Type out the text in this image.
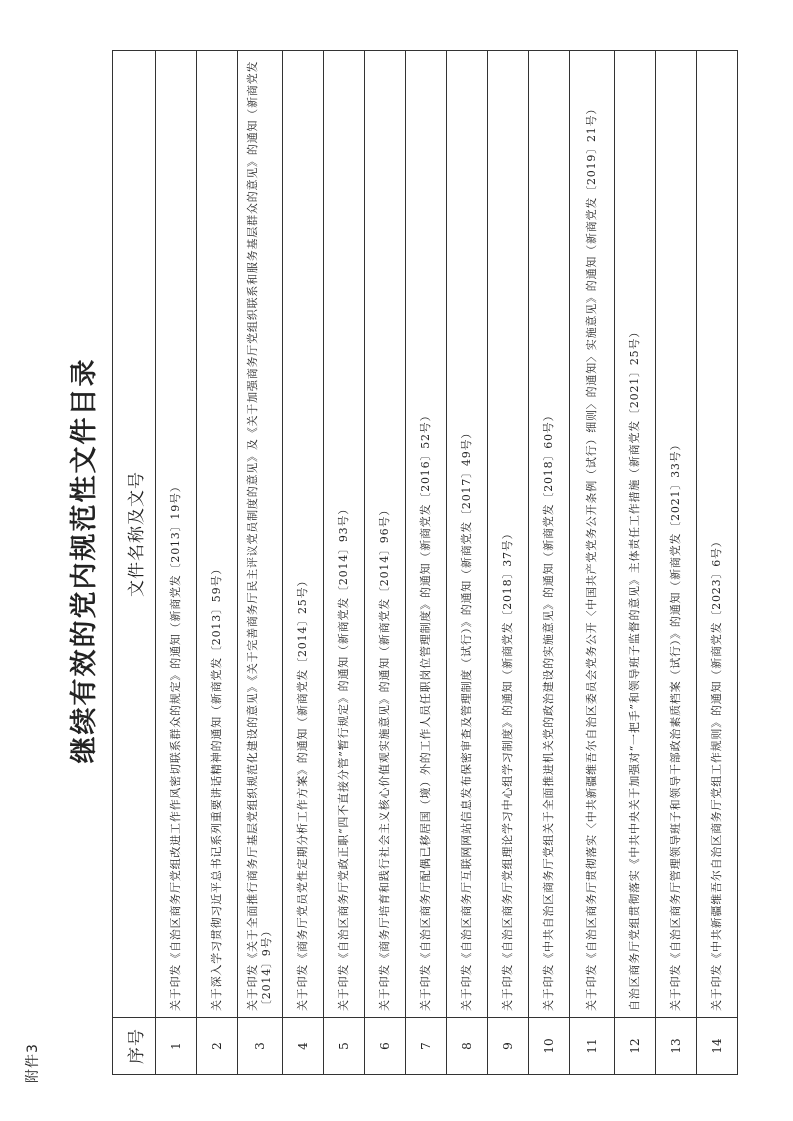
附件3
继续有效的党内规范性文件目录
序号	文件名称及文号
1	关于印发《自治区商务厅党组改进工作作风密切联系群众的规定》的通知（新商党发〔2013〕19号）
2	关于深入学习贯彻习近平总书记系列重要讲话精神的通知（新商党发〔2013〕59号）
3	关于印发《关于全面推行商务厅基层党组织规范化建设的意见》《关于完善商务厅民主评议党员制度的意见》及《关于加强商务厅党组织联系和服务基层群众的意见》的通知（新商党发〔2014〕9号）
4	关于印发《商务厅党员党性定期分析工作方案》的通知（新商党发〔2014〕25号）
5	关于印发《自治区商务厅党政正职“四不直接分管”暂行规定》的通知（新商党发〔2014〕93号）
6	关于印发《商务厅培育和践行社会主义核心价值观实施意见》的通知（新商党发〔2014〕96号）
7	关于印发《自治区商务厅配偶已移居国（境）外的工作人员任职岗位管理制度》的通知（新商党发〔2016〕52号）
8	关于印发《自治区商务厅互联网网站信息发布保密审查及管理制度（试行）》的通知（新商党发〔2017〕49号）
9	关于印发《自治区商务厅党组理论学习中心组学习制度》的通知（新商党发〔2018〕37号）
10	关于印发《中共自治区商务厅党组关于全面推进机关党的政治建设的实施意见》的通知（新商党发〔2018〕60号）
11	关于印发《自治区商务厅贯彻落实〈中共新疆维吾尔自治区委员会党务公开〈中国共产党党务公开条例（试行）细则〉的通知〉实施意见》的通知（新商党发〔2019〕21号）
12	自治区商务厅党组贯彻落实《中共中央关于加强对“一把手”和领导班子监督的意见》主体责任工作措施（新商党发〔2021〕25号）
13	关于印发《自治区商务厅管理领导班子和领导干部政治素质档案（试行）》的通知（新商党发〔2021〕33号）
14	关于印发《中共新疆维吾尔自治区商务厅党组工作规则》的通知（新商党发〔2023〕6号）
